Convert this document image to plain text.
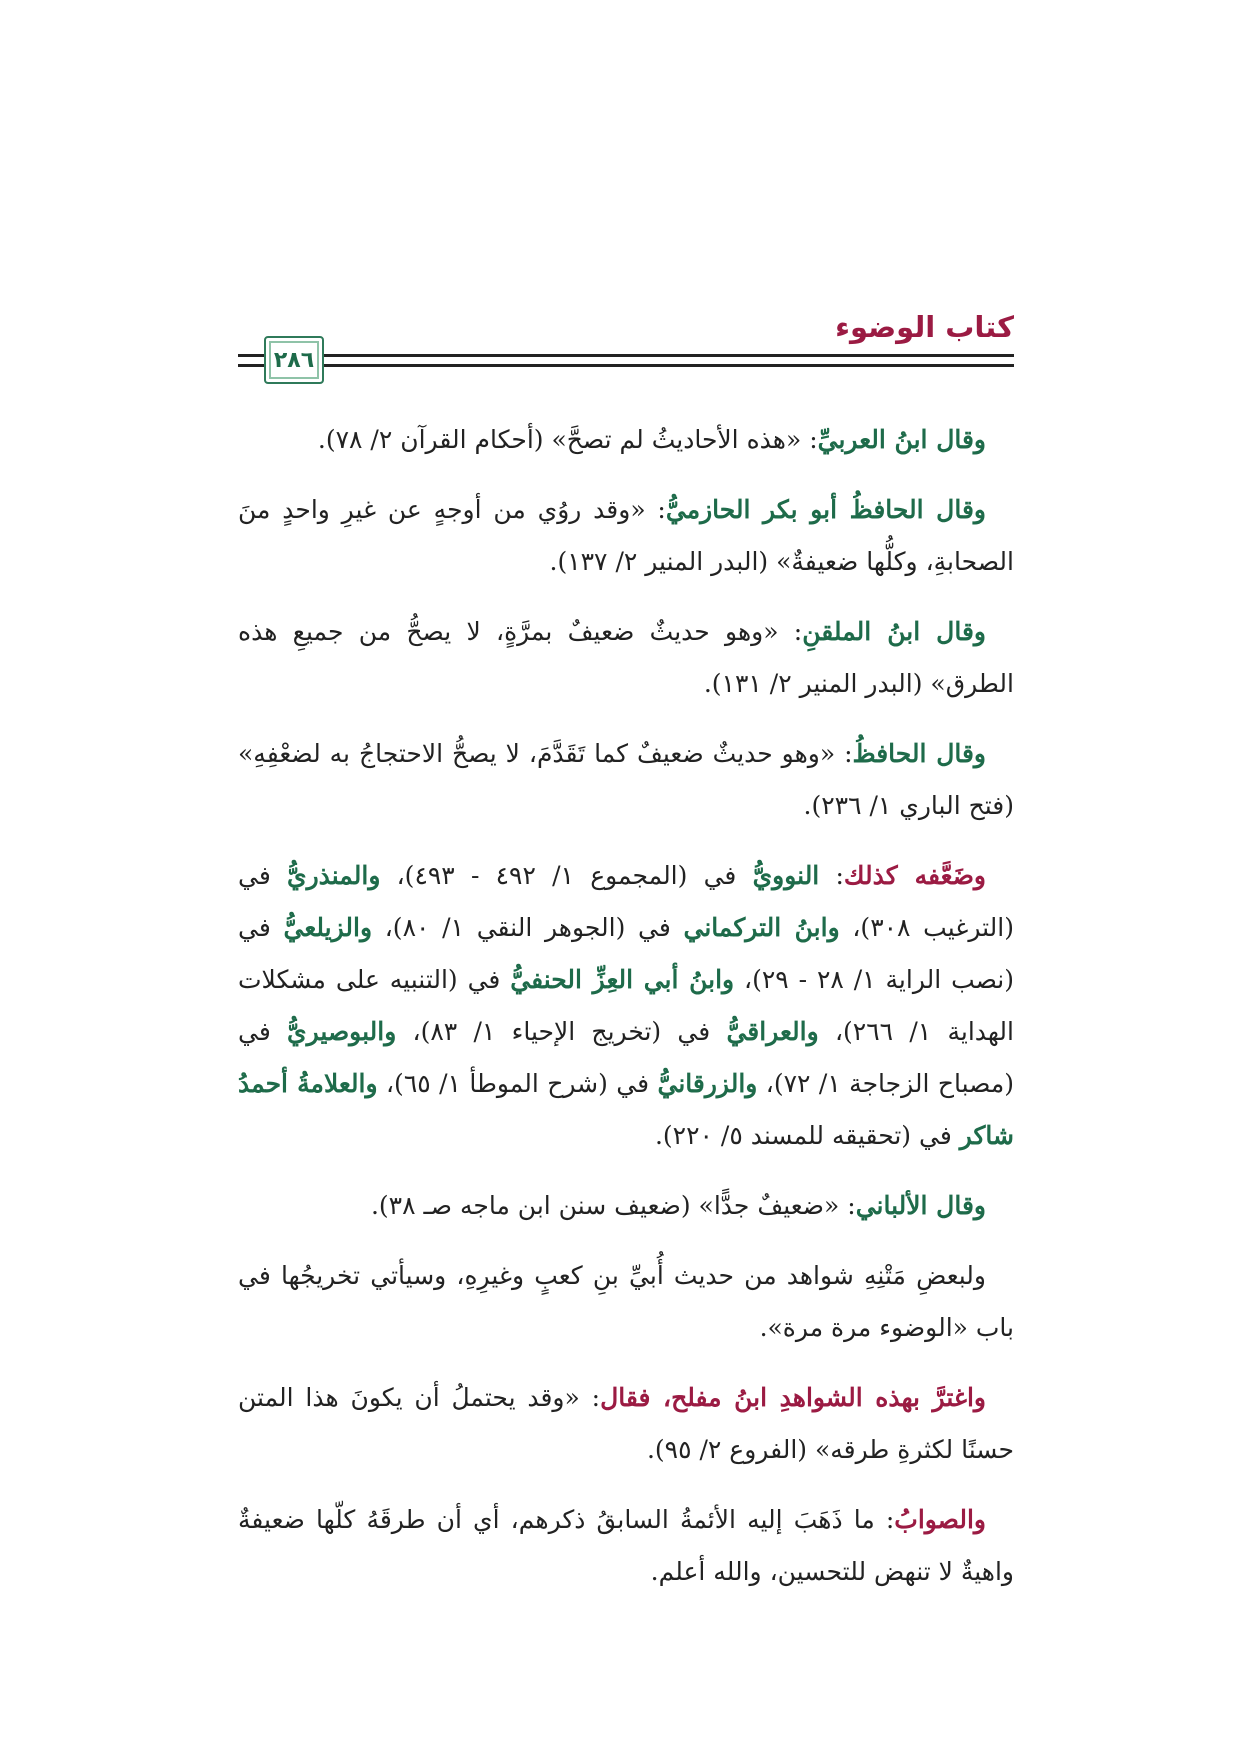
كتاب الوضوء
٢٨٦

وقال ابنُ العربيِّ: «هذه الأحاديثُ لم تصحَّ» (أحكام القرآن ٢/ ٧٨).

وقال الحافظُ أبو بكر الحازميُّ: «وقد روُي من أوجهٍ عن غيرِ واحدٍ منَ الصحابةِ، وكلُّها ضعيفةٌ» (البدر المنير ٢/ ١٣٧).

وقال ابنُ الملقنِ: «وهو حديثٌ ضعيفٌ بمرَّةٍ، لا يصحُّ من جميعِ هذه الطرق» (البدر المنير ٢/ ١٣١).

وقال الحافظُ: «وهو حديثٌ ضعيفٌ كما تَقَدَّمَ، لا يصحُّ الاحتجاجُ به لضعْفِهِ» (فتح الباري ١/ ٢٣٦).

وضَعَّفه كذلك: النوويُّ في (المجموع ١/ ٤٩٢ - ٤٩٣)، والمنذريُّ في (الترغيب ٣٠٨)، وابنُ التركماني في (الجوهر النقي ١/ ٨٠)، والزيلعيُّ في (نصب الراية ١/ ٢٨ - ٢٩)، وابنُ أبي العِزِّ الحنفيُّ في (التنبيه على مشكلات الهداية ١/ ٢٦٦)، والعراقيُّ في (تخريج الإحياء ١/ ٨٣)، والبوصيريُّ في (مصباح الزجاجة ١/ ٧٢)، والزرقانيُّ في (شرح الموطأ ١/ ٦٥)، والعلامةُ أحمدُ شاكر في (تحقيقه للمسند ٥/ ٢٢٠).

وقال الألباني: «ضعيفٌ جدًّا» (ضعيف سنن ابن ماجه صـ ٣٨).

ولبعضِ مَتْنِهِ شواهد من حديث أُبيِّ بنِ كعبٍ وغيرِهِ، وسيأتي تخريجُها في باب «الوضوء مرة مرة».

واغترَّ بهذه الشواهدِ ابنُ مفلح، فقال: «وقد يحتملُ أن يكونَ هذا المتن حسنًا لكثرةِ طرقه» (الفروع ٢/ ٩٥).

والصوابُ: ما ذَهَبَ إليه الأئمةُ السابقُ ذكرهم، أي أن طرقَهُ كلّها ضعيفةٌ واهيةٌ لا تنهض للتحسين، والله أعلم.
